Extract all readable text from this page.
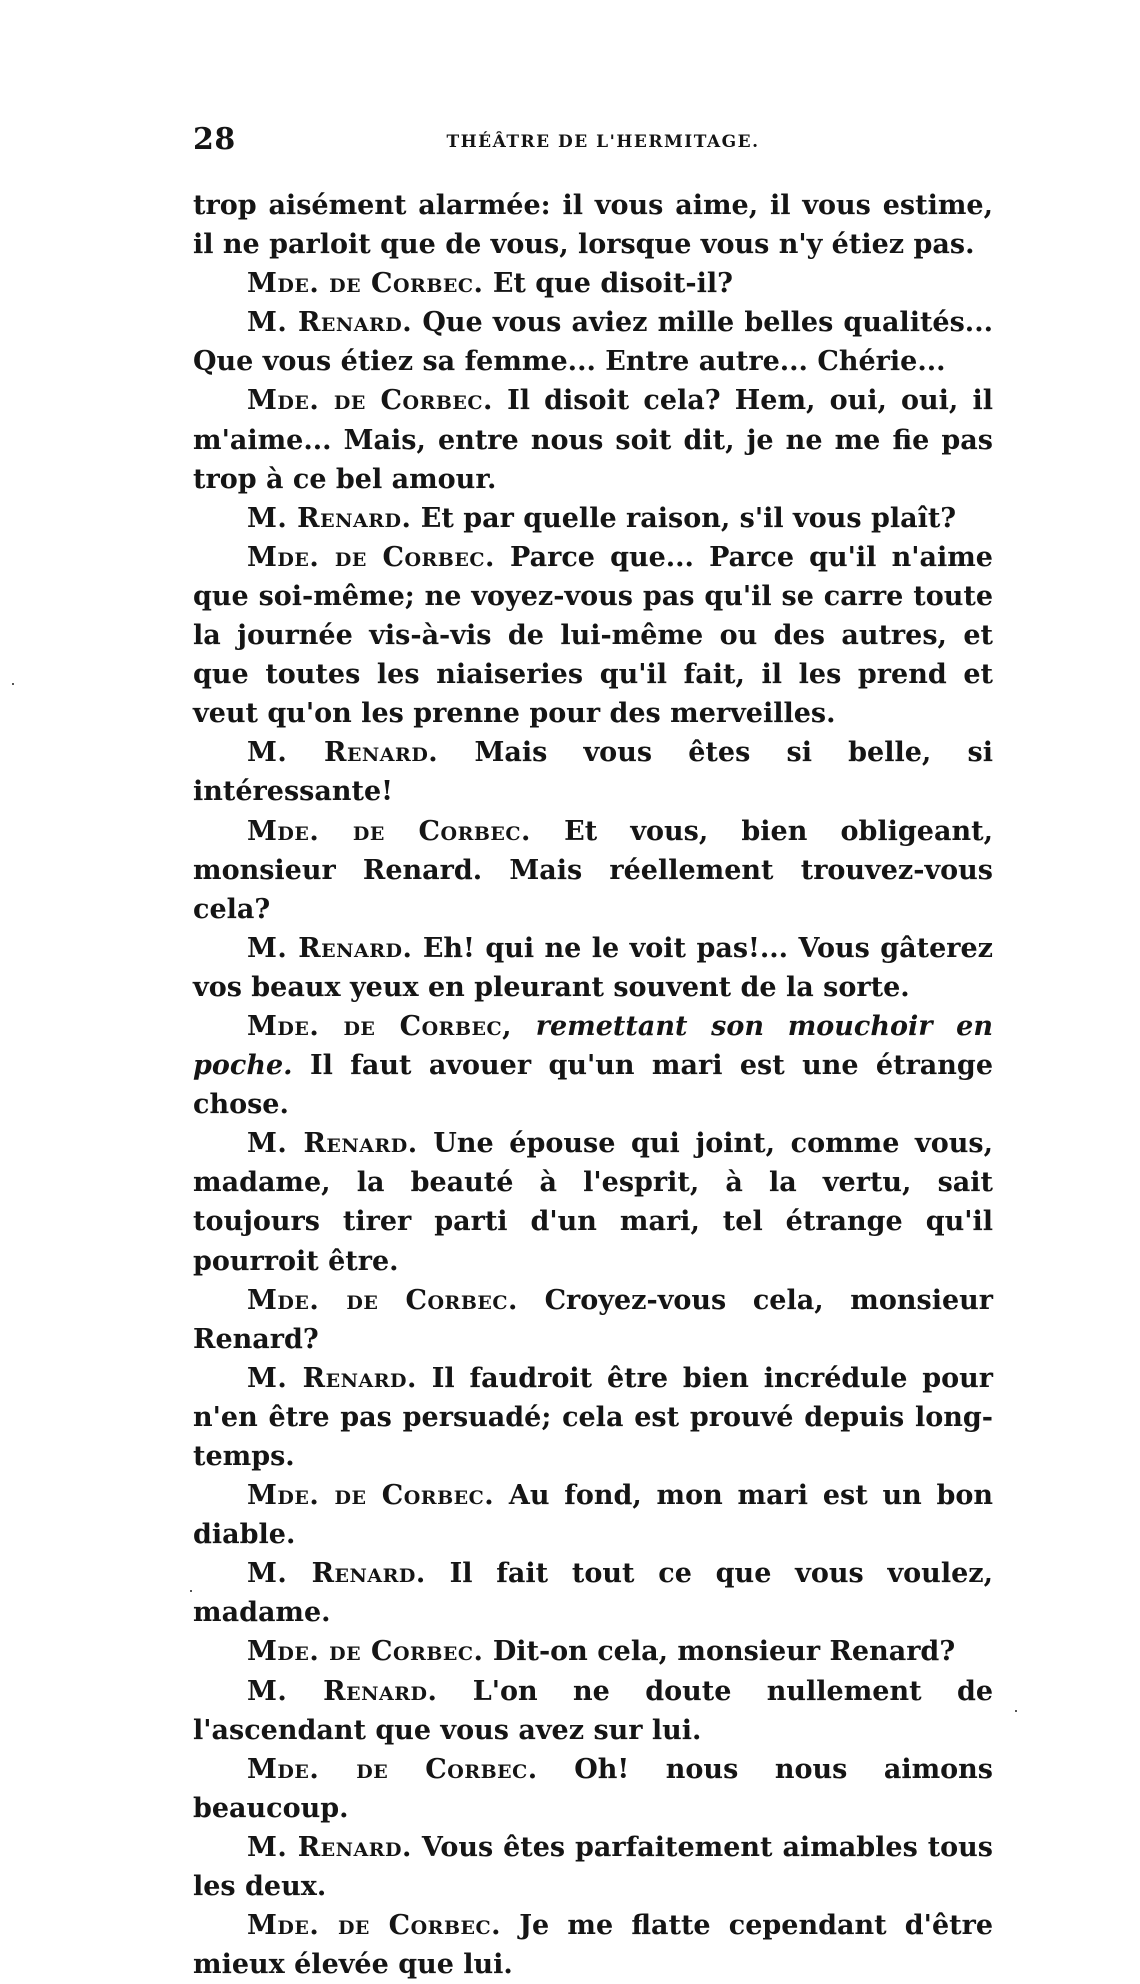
28	THÉÂTRE DE L'HERMITAGE.

trop aisément alarmée: il vous aime, il vous estime, il ne parloit que de vous, lorsque vous n'y étiez pas.

Mde. de Corbec. Et que disoit-il?

M. Renard. Que vous aviez mille belles qualités... Que vous étiez sa femme... Entre autre... Chérie...

Mde. de Corbec. Il disoit cela? Hem, oui, oui, il m'aime... Mais, entre nous soit dit, je ne me fie pas trop à ce bel amour.

M. Renard. Et par quelle raison, s'il vous plaît?

Mde. de Corbec. Parce que... Parce qu'il n'aime que soi-même; ne voyez-vous pas qu'il se carre toute la journée vis-à-vis de lui-même ou des autres, et que toutes les niaiseries qu'il fait, il les prend et veut qu'on les prenne pour des merveilles.

M. Renard. Mais vous êtes si belle, si intéressante!

Mde. de Corbec. Et vous, bien obligeant, monsieur Renard. Mais réellement trouvez-vous cela?

M. Renard. Eh! qui ne le voit pas!... Vous gâterez vos beaux yeux en pleurant souvent de la sorte.

Mde. de Corbec, remettant son mouchoir en poche. Il faut avouer qu'un mari est une étrange chose.

M. Renard. Une épouse qui joint, comme vous, madame, la beauté à l'esprit, à la vertu, sait toujours tirer parti d'un mari, tel étrange qu'il pourroit être.

Mde. de Corbec. Croyez-vous cela, monsieur Renard?

M. Renard. Il faudroit être bien incrédule pour n'en être pas persuadé; cela est prouvé depuis long-temps.

Mde. de Corbec. Au fond, mon mari est un bon diable.

M. Renard. Il fait tout ce que vous voulez, madame.

Mde. de Corbec. Dit-on cela, monsieur Renard?

M. Renard. L'on ne doute nullement de l'ascendant que vous avez sur lui.

Mde. de Corbec. Oh! nous nous aimons beaucoup.

M. Renard. Vous êtes parfaitement aimables tous les deux.

Mde. de Corbec. Je me flatte cependant d'être mieux élevée que lui.
